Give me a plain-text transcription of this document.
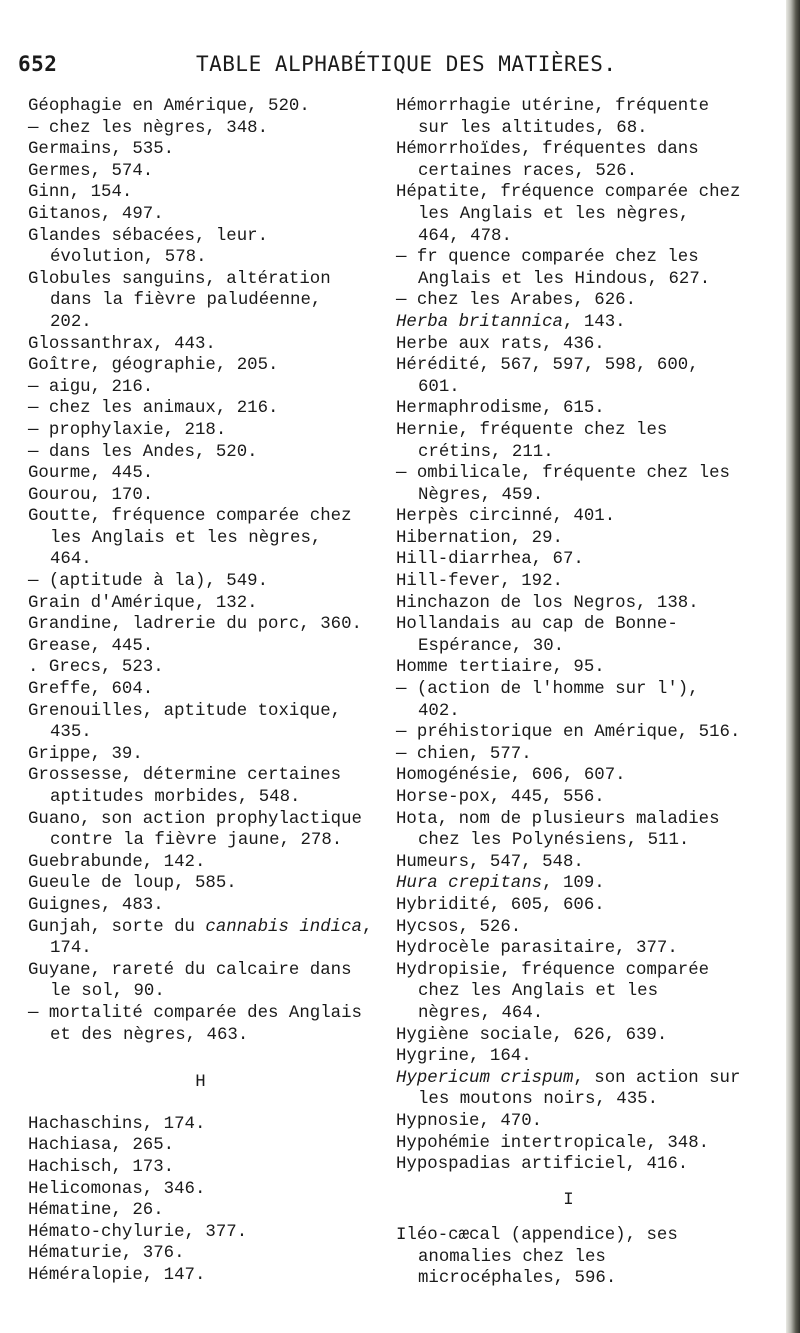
652	TABLE ALPHABÉTIQUE DES MATIÈRES.

Géophagie en Amérique, 520.

— chez les nègres, 348.

Germains, 535.

Germes, 574.

Ginn, 154.

Gitanos, 497.

Glandes sébacées, leur. évolution, 578.

Globules sanguins, altération dans la fièvre paludéenne, 202.

Glossanthrax, 443.

Goître, géographie, 205.

— aigu, 216.

— chez les animaux, 216.

— prophylaxie, 218.

— dans les Andes, 520.

Gourme, 445.

Gourou, 170.

Goutte, fréquence comparée chez les Anglais et les nègres, 464.

— (aptitude à la), 549.

Grain d'Amérique, 132.

Grandine, ladrerie du porc, 360.

Grease, 445.

. Grecs, 523.

Greffe, 604.

Grenouilles, aptitude toxique, 435.

Grippe, 39.

Grossesse, détermine certaines aptitudes morbides, 548.

Guano, son action prophylactique contre la fièvre jaune, 278.

Guebrabunde, 142.

Gueule de loup, 585.

Guignes, 483.

Gunjah, sorte du cannabis indica, 174.

Guyane, rareté du calcaire dans le sol, 90.

— mortalité comparée des Anglais et des nègres, 463.

H

Hachaschins, 174.

Hachiasa, 265.

Hachisch, 173.

Helicomonas, 346.

Hématine, 26.

Hémato-chylurie, 377.

Hématurie, 376.

Héméralopie, 147.

Hémorrhagie utérine, fréquente sur les altitudes, 68.

Hémorrhoïdes, fréquentes dans certaines races, 526.

Hépatite, fréquence comparée chez les Anglais et les nègres, 464, 478.

— fr quence comparée chez les Anglais et les Hindous, 627.

— chez les Arabes, 626.

Herba britannica, 143.

Herbe aux rats, 436.

Hérédité, 567, 597, 598, 600, 601.

Hermaphrodisme, 615.

Hernie, fréquente chez les crétins, 211.

— ombilicale, fréquente chez les Nègres, 459.

Herpès circinné, 401.

Hibernation, 29.

Hill-diarrhea, 67.

Hill-fever, 192.

Hinchazon de los Negros, 138.

Hollandais au cap de Bonne-Espérance, 30.

Homme tertiaire, 95.

— (action de l'homme sur l'), 402.

— préhistorique en Amérique, 516.

— chien, 577.

Homogénésie, 606, 607.

Horse-pox, 445, 556.

Hota, nom de plusieurs maladies chez les Polynésiens, 511.

Humeurs, 547, 548.

Hura crepitans, 109.

Hybridité, 605, 606.

Hycsos, 526.

Hydrocèle parasitaire, 377.

Hydropisie, fréquence comparée chez les Anglais et les nègres, 464.

Hygiène sociale, 626, 639.

Hygrine, 164.

Hypericum crispum, son action sur les moutons noirs, 435.

Hypnosie, 470.

Hypohémie intertropicale, 348.

Hypospadias artificiel, 416.

I

Iléo-cæcal (appendice), ses anomalies chez les microcéphales, 596.
